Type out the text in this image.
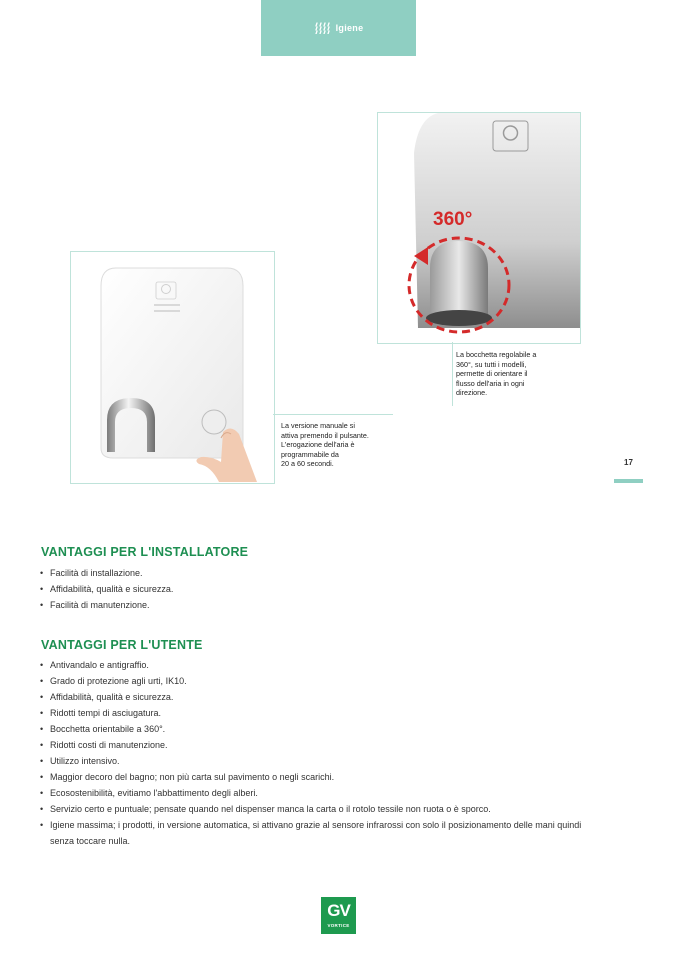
Igiene
360°
La bocchetta regolabile a
360°, su tutti i modelli,
permette di orientare il
flusso dell'aria in ogni
direzione.
La versione manuale si
attiva premendo il pulsante.
L'erogazione dell'aria è
programmabile da
20 a 60 secondi.	17
VANTAGGI PER L'INSTALLATORE
• Facilità di installazione.
• Affidabilità, qualità e sicurezza.
• Facilità di manutenzione.
VANTAGGI PER L'UTENTE
• Antivandalo e antigraffio.
• Grado di protezione agli urti, IK10.
• Affidabilità, qualità e sicurezza.
• Ridotti tempi di asciugatura.
• Bocchetta orientabile a 360°.
• Ridotti costi di manutenzione.
• Utilizzo intensivo.
• Maggior decoro del bagno; non più carta sul pavimento o negli scarichi.
• Ecosostenibilità, evitiamo l'abbattimento degli alberi.
• Servizio certo e puntuale; pensate quando nel dispenser manca la carta o il rotolo tessile non ruota o è sporco.
• Igiene massima; i prodotti, in versione automatica, si attivano grazie al sensore infrarossi con solo il posizionamento delle mani quindi senza toccare nulla.
GV
VORTICE
